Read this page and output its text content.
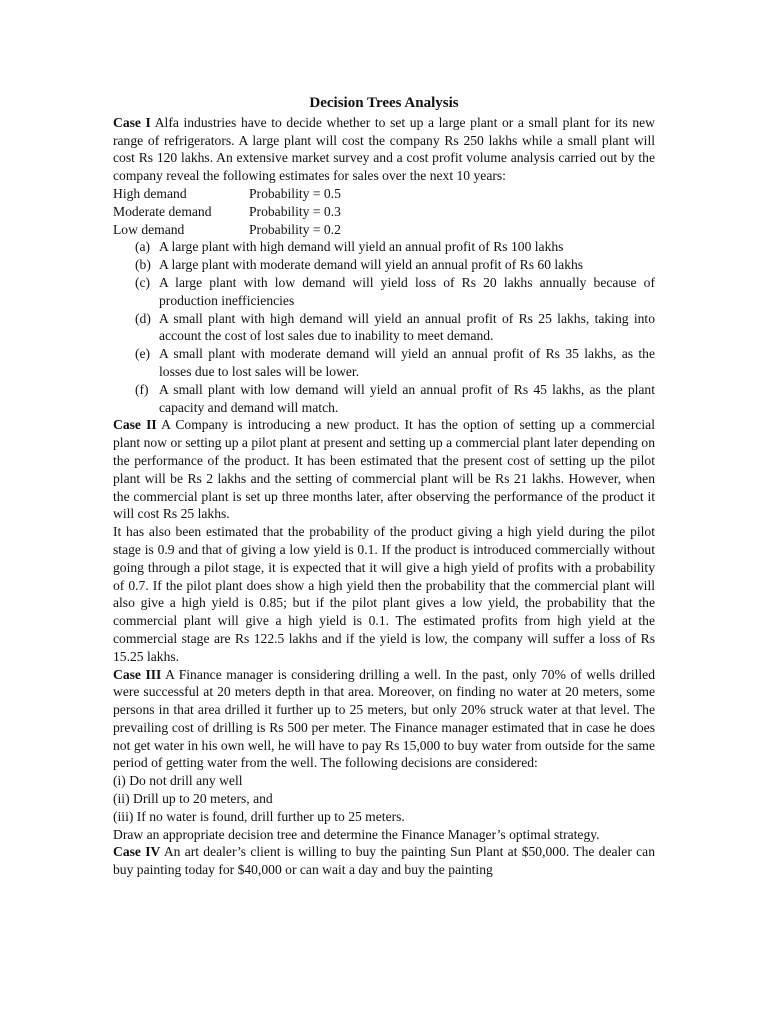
Decision Trees Analysis

Case I Alfa industries have to decide whether to set up a large plant or a small plant for its new range of refrigerators. A large plant will cost the company Rs 250 lakhs while a small plant will cost Rs 120 lakhs. An extensive market survey and a cost profit volume analysis carried out by the company reveal the following estimates for sales over the next 10 years:

High demand	Probability = 0.5
Moderate demand	Probability = 0.3
Low demand	Probability = 0.2
(a) A large plant with high demand will yield an annual profit of Rs 100 lakhs
(b) A large plant with moderate demand will yield an annual profit of Rs 60 lakhs
(c) A large plant with low demand will yield loss of Rs 20 lakhs annually because of production inefficiencies
(d) A small plant with high demand will yield an annual profit of Rs 25 lakhs, taking into account the cost of lost sales due to inability to meet demand.
(e) A small plant with moderate demand will yield an annual profit of Rs 35 lakhs, as the losses due to lost sales will be lower.
(f) A small plant with low demand will yield an annual profit of Rs 45 lakhs, as the plant capacity and demand will match.

Case II A Company is introducing a new product. It has the option of setting up a commercial plant now or setting up a pilot plant at present and setting up a commercial plant later depending on the performance of the product. It has been estimated that the present cost of setting up the pilot plant will be Rs 2 lakhs and the setting of commercial plant will be Rs 21 lakhs. However, when the commercial plant is set up three months later, after observing the performance of the product it will cost Rs 25 lakhs.

It has also been estimated that the probability of the product giving a high yield during the pilot stage is 0.9 and that of giving a low yield is 0.1. If the product is introduced commercially without going through a pilot stage, it is expected that it will give a high yield of profits with a probability of 0.7. If the pilot plant does show a high yield then the probability that the commercial plant will also give a high yield is 0.85; but if the pilot plant gives a low yield, the probability that the commercial plant will give a high yield is 0.1. The estimated profits from high yield at the commercial stage are Rs 122.5 lakhs and if the yield is low, the company will suffer a loss of Rs 15.25 lakhs.

Case III A Finance manager is considering drilling a well. In the past, only 70% of wells drilled were successful at 20 meters depth in that area. Moreover, on finding no water at 20 meters, some persons in that area drilled it further up to 25 meters, but only 20% struck water at that level. The prevailing cost of drilling is Rs 500 per meter. The Finance manager estimated that in case he does not get water in his own well, he will have to pay Rs 15,000 to buy water from outside for the same period of getting water from the well. The following decisions are considered:

(i) Do not drill any well

(ii) Drill up to 20 meters, and

(iii) If no water is found, drill further up to 25 meters.

Draw an appropriate decision tree and determine the Finance Manager’s optimal strategy.

Case IV An art dealer’s client is willing to buy the painting Sun Plant at $50,000. The dealer can buy painting today for $40,000 or can wait a day and buy the painting
